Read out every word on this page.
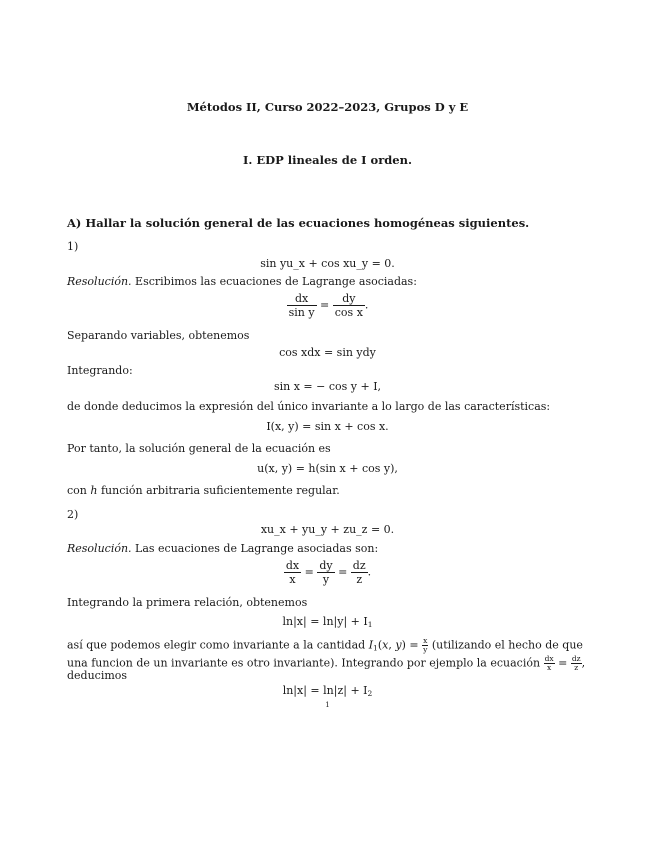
Métodos II, Curso 2022–2023, Grupos D y E
I. EDP lineales de I orden.
A) Hallar la solución general de las ecuaciones homogéneas siguientes.
1)
sin yu_x + cos xu_y = 0.
Resolución. Escribimos las ecuaciones de Lagrange asociadas:
$\frac{dx}{\text{sin y}} = \frac{dy}{\text{cos x}}$ .
Separando variables, obtenemos
cos xdx = sin ydy
Integrando:
sin x = − cos y + I,
de donde deducimos la expresión del único invariante a lo largo de las características:
I(x, y) = sin x + cos x.
Por tanto, la solución general de la ecuación es
u(x, y) = h(sin x + cos y),
con h función arbitraria suficientemente regular.
2)
xu_x + yu_y + zu_z = 0.
Resolución. Las ecuaciones de Lagrange asociadas son:
$\frac{dx}{x} = \frac{dy}{y} = \frac{dz}{z}$ .
Integrando la primera relación, obtenemos
$\ln|x| = \ln|y| + I_1$
así que podemos elegir como invariante a la cantidad $I_1(x$, $y) = \frac{x}{y}$ (utilizando el hecho de que
una funcion de un invariante es otro invariante). Integrando por ejemplo la ecuación $\frac{dx}{x} = \frac{dz}{z}$ ,
deducimos
$\ln|x| = \ln|z| + I_2$
1
